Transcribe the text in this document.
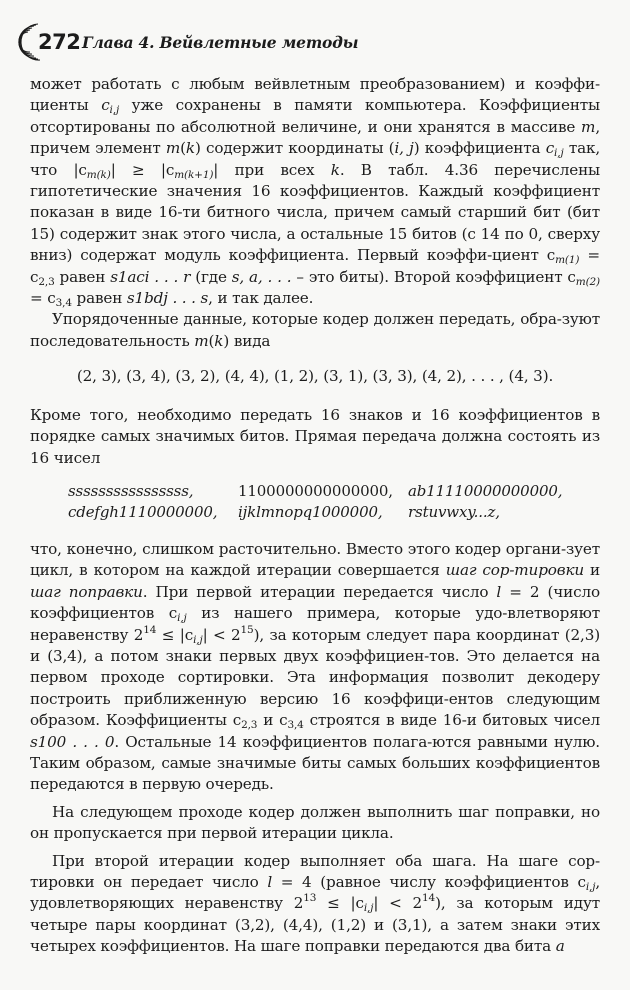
272 Глава 4. Вейвлетные методы

может работать с любым вейвлетным преобразованием) и коэффи-циенты $c_{i,j}$ уже сохранены в памяти компьютера. Коэффициенты отсортированы по абсолютной величине, и они хранятся в массиве m, причем элемент m(k) содержит координаты (i, j) коэффициента $c_{i,j}$ так, что $|c_{m(k)}| \ge |c_{m(k+1)}|$ при всех k. В табл. 4.36 перечислены гипотетические значения 16 коэффициентов. Каждый коэффициент показан в виде 16-ти битного числа, причем самый старший бит (бит 15) содержит знак этого числа, а остальные 15 битов (с 14 по 0, сверху вниз) содержат модуль коэффициента. Первый коэффи-циент $c_{m(1)} = c_{2,3}$ равен s1aci . . . r (где s, a, . . . – это биты). Второй коэффициент $c_{m(2)} = c_{3,4}$ равен s1bdj . . . s, и так далее.

Упорядоченные данные, которые кодер должен передать, обра-зуют последовательность m(k) вида

(2, 3), (3, 4), (3, 2), (4, 4), (1, 2), (3, 1), (3, 3), (4, 2), . . . , (4, 3).

Кроме того, необходимо передать 16 знаков и 16 коэффициентов в порядке самых значимых битов. Прямая передача должна состоять из 16 чисел

ssssssssssssssss,	1100000000000000,	ab11110000000000,
cdefgh1110000000,	ijklmnopq1000000,	rstuvwxy...z,

что, конечно, слишком расточительно. Вместо этого кодер органи-зует цикл, в котором на каждой итерации совершается шаг сор-тировки и шаг поправки. При первой итерации передается число l = 2 (число коэффициентов $c_{i,j}$ из нашего примера, которые удо-влетворяют неравенству $2^{14} \le |c_{i,j}| < 2^{15}$), за которым следует пара координат (2,3) и (3,4), а потом знаки первых двух коэффициен-тов. Это делается на первом проходе сортировки. Эта информация позволит декодеру построить приближенную версию 16 коэффици-ентов следующим образом. Коэффициенты $c_{2,3}$ и $c_{3,4}$ строятся в виде 16-и битовых чисел s100 . . . 0. Остальные 14 коэффициентов полага-ются равными нулю. Таким образом, самые значимые биты самых больших коэффициентов передаются в первую очередь.

На следующем проходе кодер должен выполнить шаг поправки, но он пропускается при первой итерации цикла.

При второй итерации кодер выполняет оба шага. На шаге сор-тировки он передает число l = 4 (равное числу коэффициентов $c_{i,j}$, удовлетворяющих неравенству $2^{13} \le |c_{i,j}| < 2^{14}$), за которым идут четыре пары координат (3,2), (4,4), (1,2) и (3,1), а затем знаки этих четырех коэффициентов. На шаге поправки передаются два бита a
